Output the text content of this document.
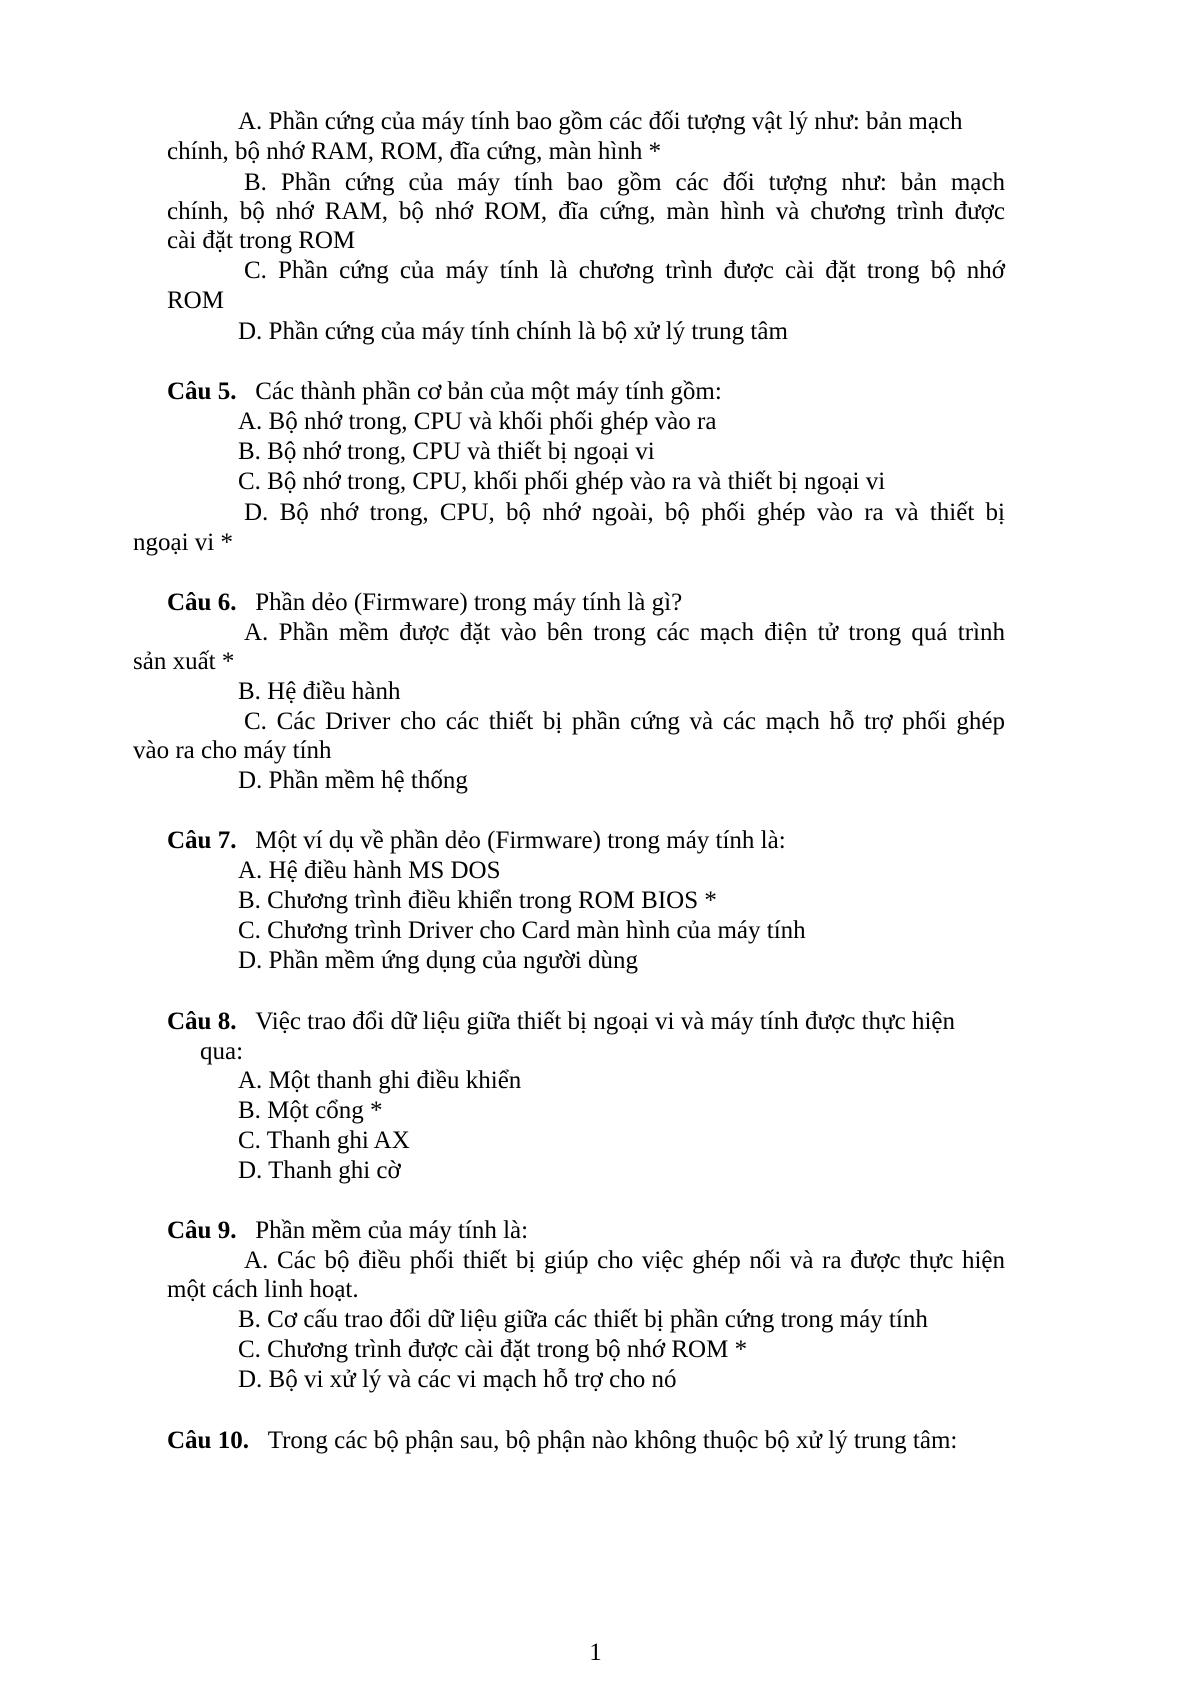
A. Phần cứng của máy tính bao gồm các đối tượng vật lý như: bản mạch
chính, bộ nhớ RAM, ROM, đĩa cứng, màn hình *
B. Phần cứng của máy tính bao gồm các đối tượng như: bản mạch
chính, bộ nhớ RAM, bộ nhớ ROM, đĩa cứng, màn hình và chương trình được
cài đặt trong ROM
C. Phần cứng của máy tính là chương trình được cài đặt trong bộ nhớ
ROM
D. Phần cứng của máy tính chính là bộ xử lý trung tâm
Câu 5. Các thành phần cơ bản của một máy tính gồm:
A. Bộ nhớ trong, CPU và khối phối ghép vào ra
B. Bộ nhớ trong, CPU và thiết bị ngoại vi
C. Bộ nhớ trong, CPU, khối phối ghép vào ra và thiết bị ngoại vi
D. Bộ nhớ trong, CPU, bộ nhớ ngoài, bộ phối ghép vào ra và thiết bị
ngoại vi *
Câu 6. Phần dẻo (Firmware) trong máy tính là gì?
A. Phần mềm được đặt vào bên trong các mạch điện tử trong quá trình
sản xuất *
B. Hệ điều hành
C. Các Driver cho các thiết bị phần cứng và các mạch hỗ trợ phối ghép
vào ra cho máy tính
D. Phần mềm hệ thống
Câu 7. Một ví dụ về phần dẻo (Firmware) trong máy tính là:
A. Hệ điều hành MS DOS
B. Chương trình điều khiển trong ROM BIOS *
C. Chương trình Driver cho Card màn hình của máy tính
D. Phần mềm ứng dụng của người dùng
Câu 8. Việc trao đổi dữ liệu giữa thiết bị ngoại vi và máy tính được thực hiện
qua:
A. Một thanh ghi điều khiển
B. Một cổng *
C. Thanh ghi AX
D. Thanh ghi cờ
Câu 9. Phần mềm của máy tính là:
A. Các bộ điều phối thiết bị giúp cho việc ghép nối và ra được thực hiện
một cách linh hoạt.
B. Cơ cấu trao đổi dữ liệu giữa các thiết bị phần cứng trong máy tính
C. Chương trình được cài đặt trong bộ nhớ ROM *
D. Bộ vi xử lý và các vi mạch hỗ trợ cho nó
Câu 10. Trong các bộ phận sau, bộ phận nào không thuộc bộ xử lý trung tâm:
1
